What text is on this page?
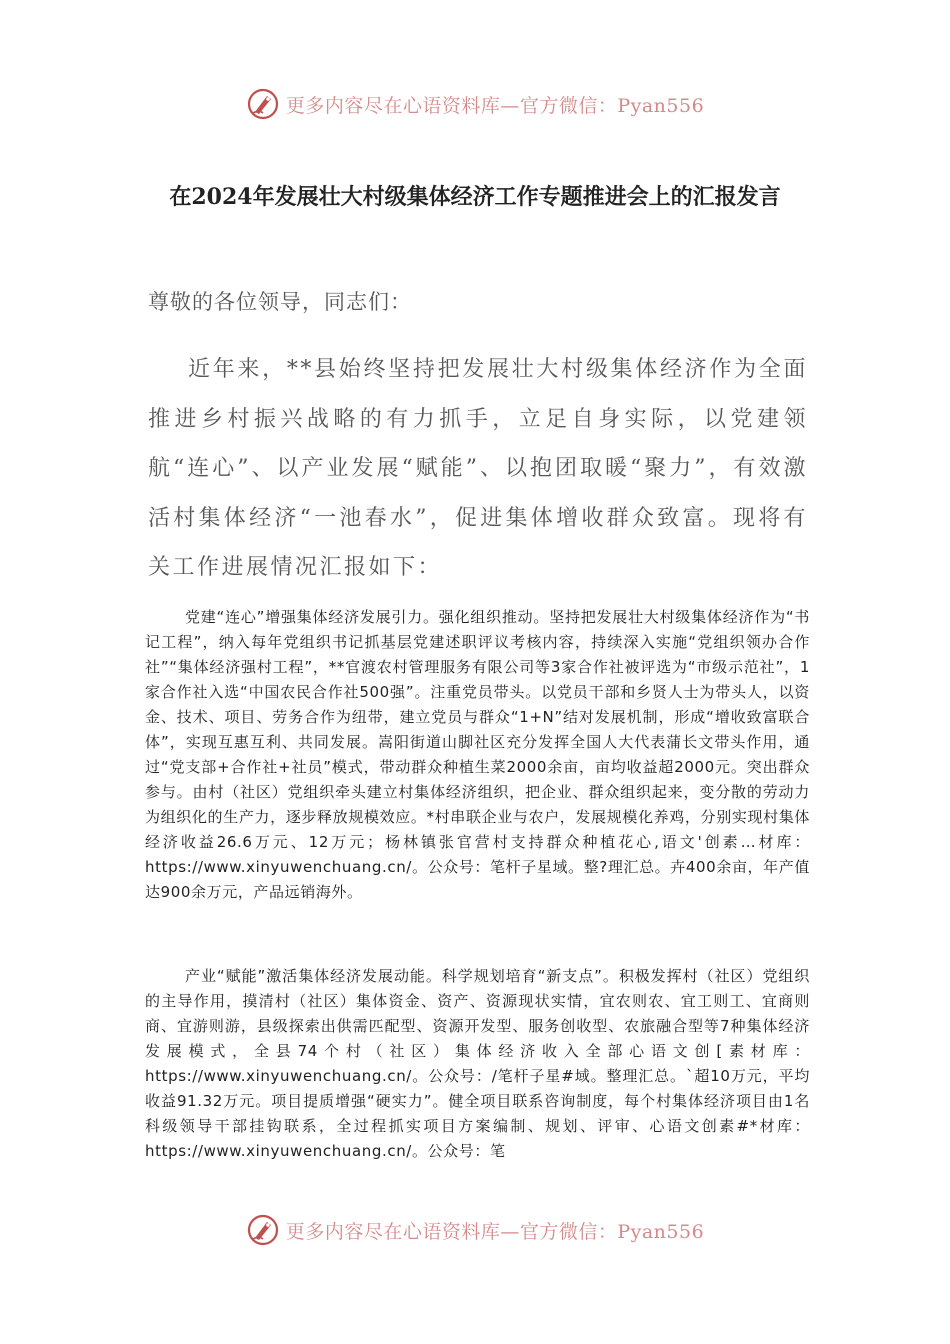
更多内容尽在心语资料库—官方微信：Pyan556
在2024年发展壮大村级集体经济工作专题推进会上的汇报发言

尊敬的各位领导，同志们：

近年来，**县始终坚持把发展壮大村级集体经济作为全面推进乡村振兴战略的有力抓手，立足自身实际，以党建领航“连心”、以产业发展“赋能”、以抱团取暖“聚力”，有效激活村集体经济“一池春水”，促进集体增收群众致富。现将有关工作进展情况汇报如下：

党建“连心”增强集体经济发展引力。强化组织推动。坚持把发展壮大村级集体经济作为“书记工程”，纳入每年党组织书记抓基层党建述职评议考核内容，持续深入实施“党组织领办合作社”“集体经济强村工程”，**官渡农村管理服务有限公司等3家合作社被评选为“市级示范社”，1家合作社入选“中国农民合作社500强”。注重党员带头。以党员干部和乡贤人士为带头人，以资金、技术、项目、劳务合作为纽带，建立党员与群众“1+N”结对发展机制，形成“增收致富联合体”，实现互惠互利、共同发展。嵩阳街道山脚社区充分发挥全国人大代表蒲长文带头作用，通过“党支部+合作社+社员”模式，带动群众种植生菜2000余亩，亩均收益超2000元。突出群众参与。由村（社区）党组织牵头建立村集体经济组织，把企业、群众组织起来，变分散的劳动力为组织化的生产力，逐步释放规模效应。*村串联企业与农户，发展规模化养鸡，分别实现村集体经济收益26.6万元、12万元；杨林镇张官营村支持群众种植花心,语文'创素…材库：https://www.xinyuwenchuang.cn/。公众号：笔杆子星域。整?理汇总。卉400余亩，年产值达900余万元，产品远销海外。

产业“赋能”激活集体经济发展动能。科学规划培育“新支点”。积极发挥村（社区）党组织的主导作用，摸清村（社区）集体资金、资产、资源现状实情，宜农则农、宜工则工、宜商则商、宜游则游，县级探索出供需匹配型、资源开发型、服务创收型、农旅融合型等7种集体经济发展模式，全县74个村（社区）集体经济收入全部心语文创[素材库：https://www.xinyuwenchuang.cn/。公众号：/笔杆子星#域。整理汇总。`超10万元，平均收益91.32万元。项目提质增强“硬实力”。健全项目联系咨询制度，每个村集体经济项目由1名科级领导干部挂钩联系，全过程抓实项目方案编制、规划、评审、心语文创素#*材库：https://www.xinyuwenchuang.cn/。公众号：笔

更多内容尽在心语资料库—官方微信：Pyan556
